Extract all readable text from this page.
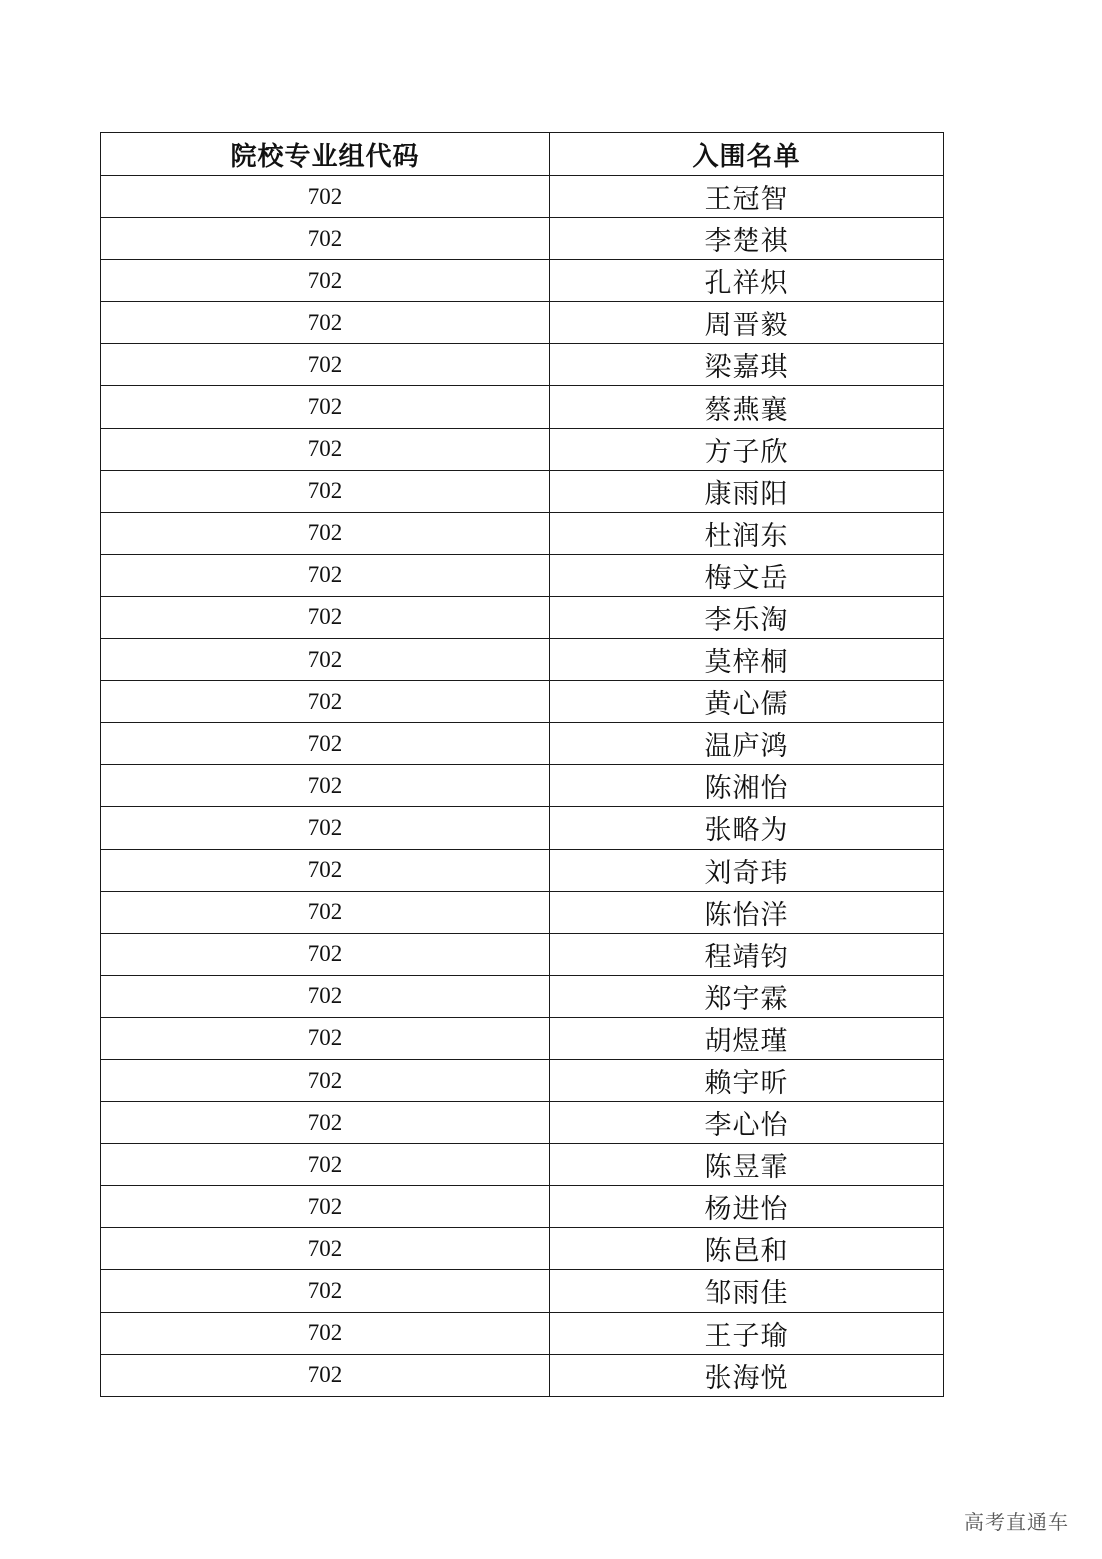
院校专业组代码	入围名单
702	王冠智
702	李楚祺
702	孔祥炽
702	周晋毅
702	梁嘉琪
702	蔡燕襄
702	方子欣
702	康雨阳
702	杜润东
702	梅文岳
702	李乐淘
702	莫梓桐
702	黄心儒
702	温庐鸿
702	陈湘怡
702	张略为
702	刘奇玮
702	陈怡洋
702	程靖钧
702	郑宇霖
702	胡煜瑾
702	赖宇昕
702	李心怡
702	陈昱霏
702	杨进怡
702	陈邑和
702	邹雨佳
702	王子瑜
702	张海悦
高考直通车
